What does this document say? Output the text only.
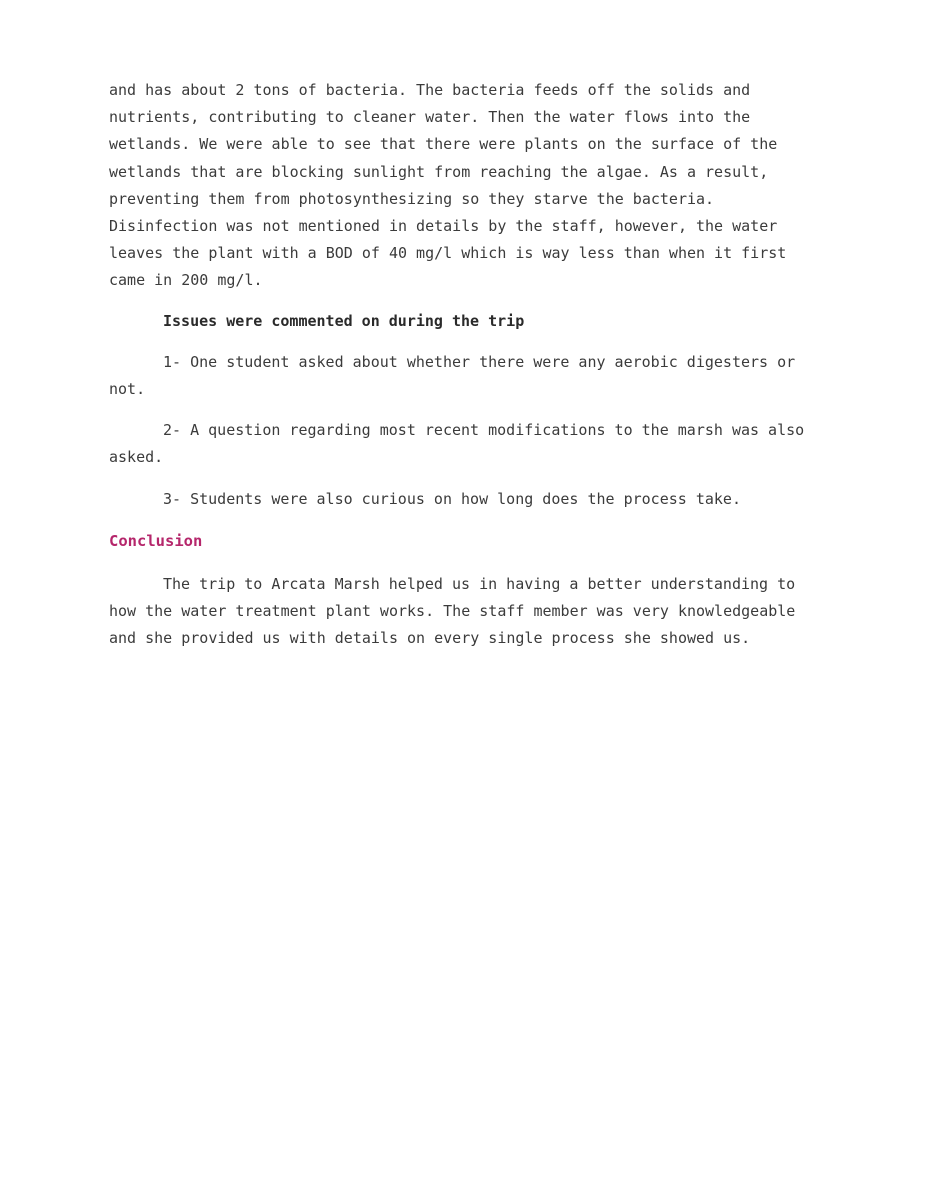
and has about 2 tons of bacteria. The bacteria feeds off the solids and
nutrients, contributing to cleaner water. Then the water flows into the
wetlands. We were able to see that there were plants on the surface of the
wetlands that are blocking sunlight from reaching the algae. As a result,
preventing them from photosynthesizing so they starve the bacteria.
Disinfection was not mentioned in details by the staff, however, the water
leaves the plant with a BOD of 40 mg/l which is way less than when it first
came in 200 mg/l.

Issues were commented on during the trip

1- One student asked about whether there were any aerobic digesters or
not.

2- A question regarding most recent modifications to the marsh was also
asked.

3- Students were also curious on how long does the process take.

Conclusion

The trip to Arcata Marsh helped us in having a better understanding to
how the water treatment plant works. The staff member was very knowledgeable
and she provided us with details on every single process she showed us.
